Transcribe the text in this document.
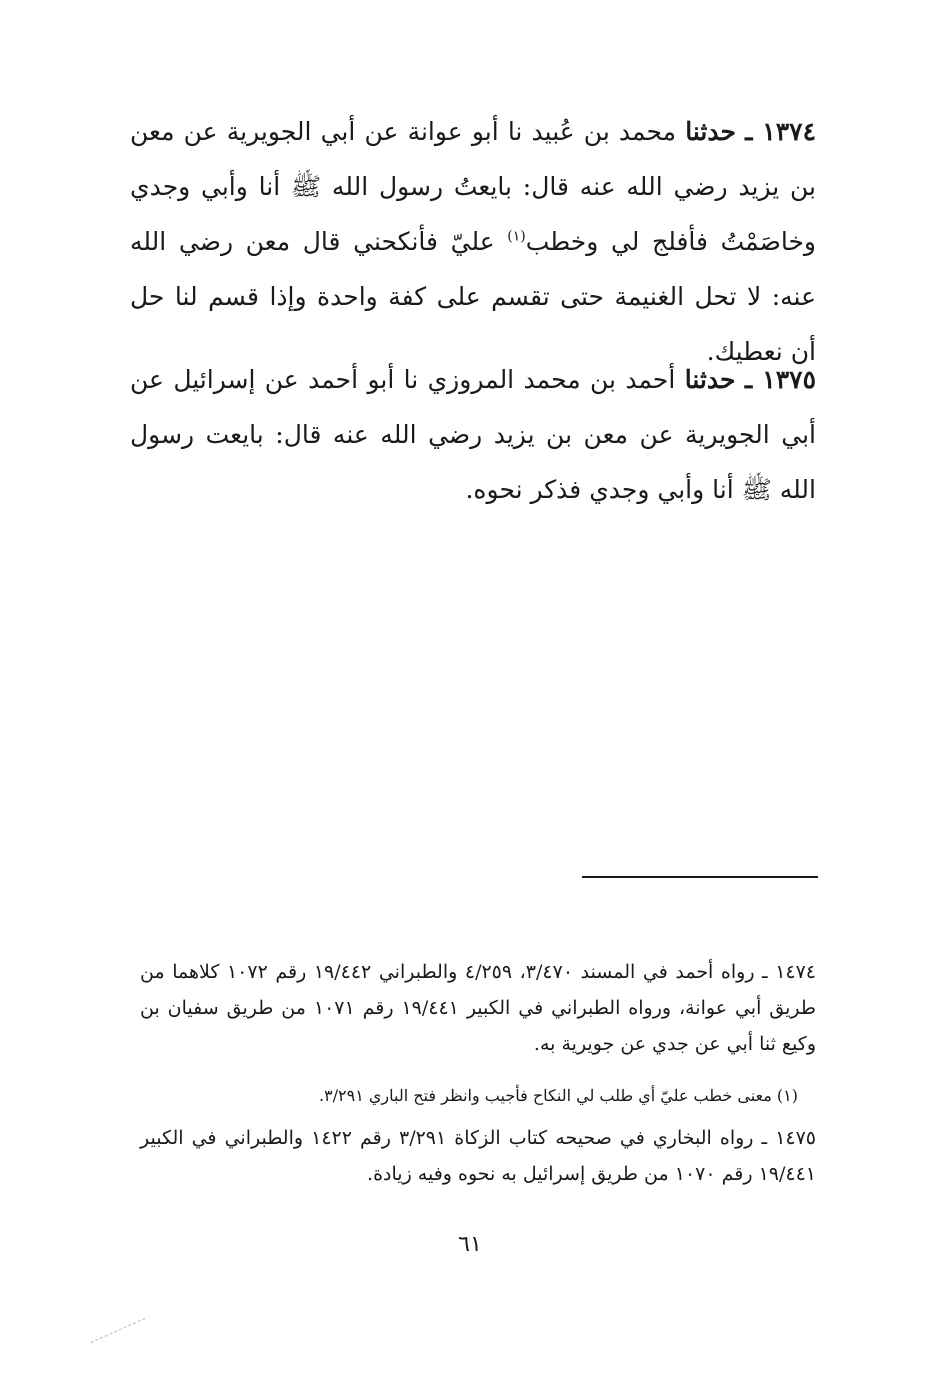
١٣٧٤ ـ حدثنا محمد بن عُبيد نا أبو عوانة عن أبي الجويرية عن معن بن يزيد رضي الله عنه قال: بايعتُ رسول الله ﷺ أنا وأبي وجدي وخاصَمْتُ فأفلج لي وخطب$^{(١)}$ عليّ فأنكحني قال معن رضي الله عنه: لا تحل الغنيمة حتى تقسم على كفة واحدة وإذا قسم لنا حل أن نعطيك.

١٣٧٥ ـ حدثنا أحمد بن محمد المروزي نا أبو أحمد عن إسرائيل عن أبي الجويرية عن معن بن يزيد رضي الله عنه قال: بايعت رسول الله ﷺ أنا وأبي وجدي فذكر نحوه.

١٤٧٤ ـ رواه أحمد في المسند ٣/٤٧٠، ٤/٢٥٩ والطبراني ١٩/٤٤٢ رقم ١٠٧٢ كلاهما من طريق أبي عوانة، ورواه الطبراني في الكبير ١٩/٤٤١ رقم ١٠٧١ من طريق سفيان بن وكيع ثنا أبي عن جدي عن جويرية به.

(١) معنى خطب عليّ أي طلب لي النكاح فأجيب وانظر فتح الباري ٣/٢٩١.

١٤٧٥ ـ رواه البخاري في صحيحه كتاب الزكاة ٣/٢٩١ رقم ١٤٢٢ والطبراني في الكبير ١٩/٤٤١ رقم ١٠٧٠ من طريق إسرائيل به نحوه وفيه زيادة.

٦١
